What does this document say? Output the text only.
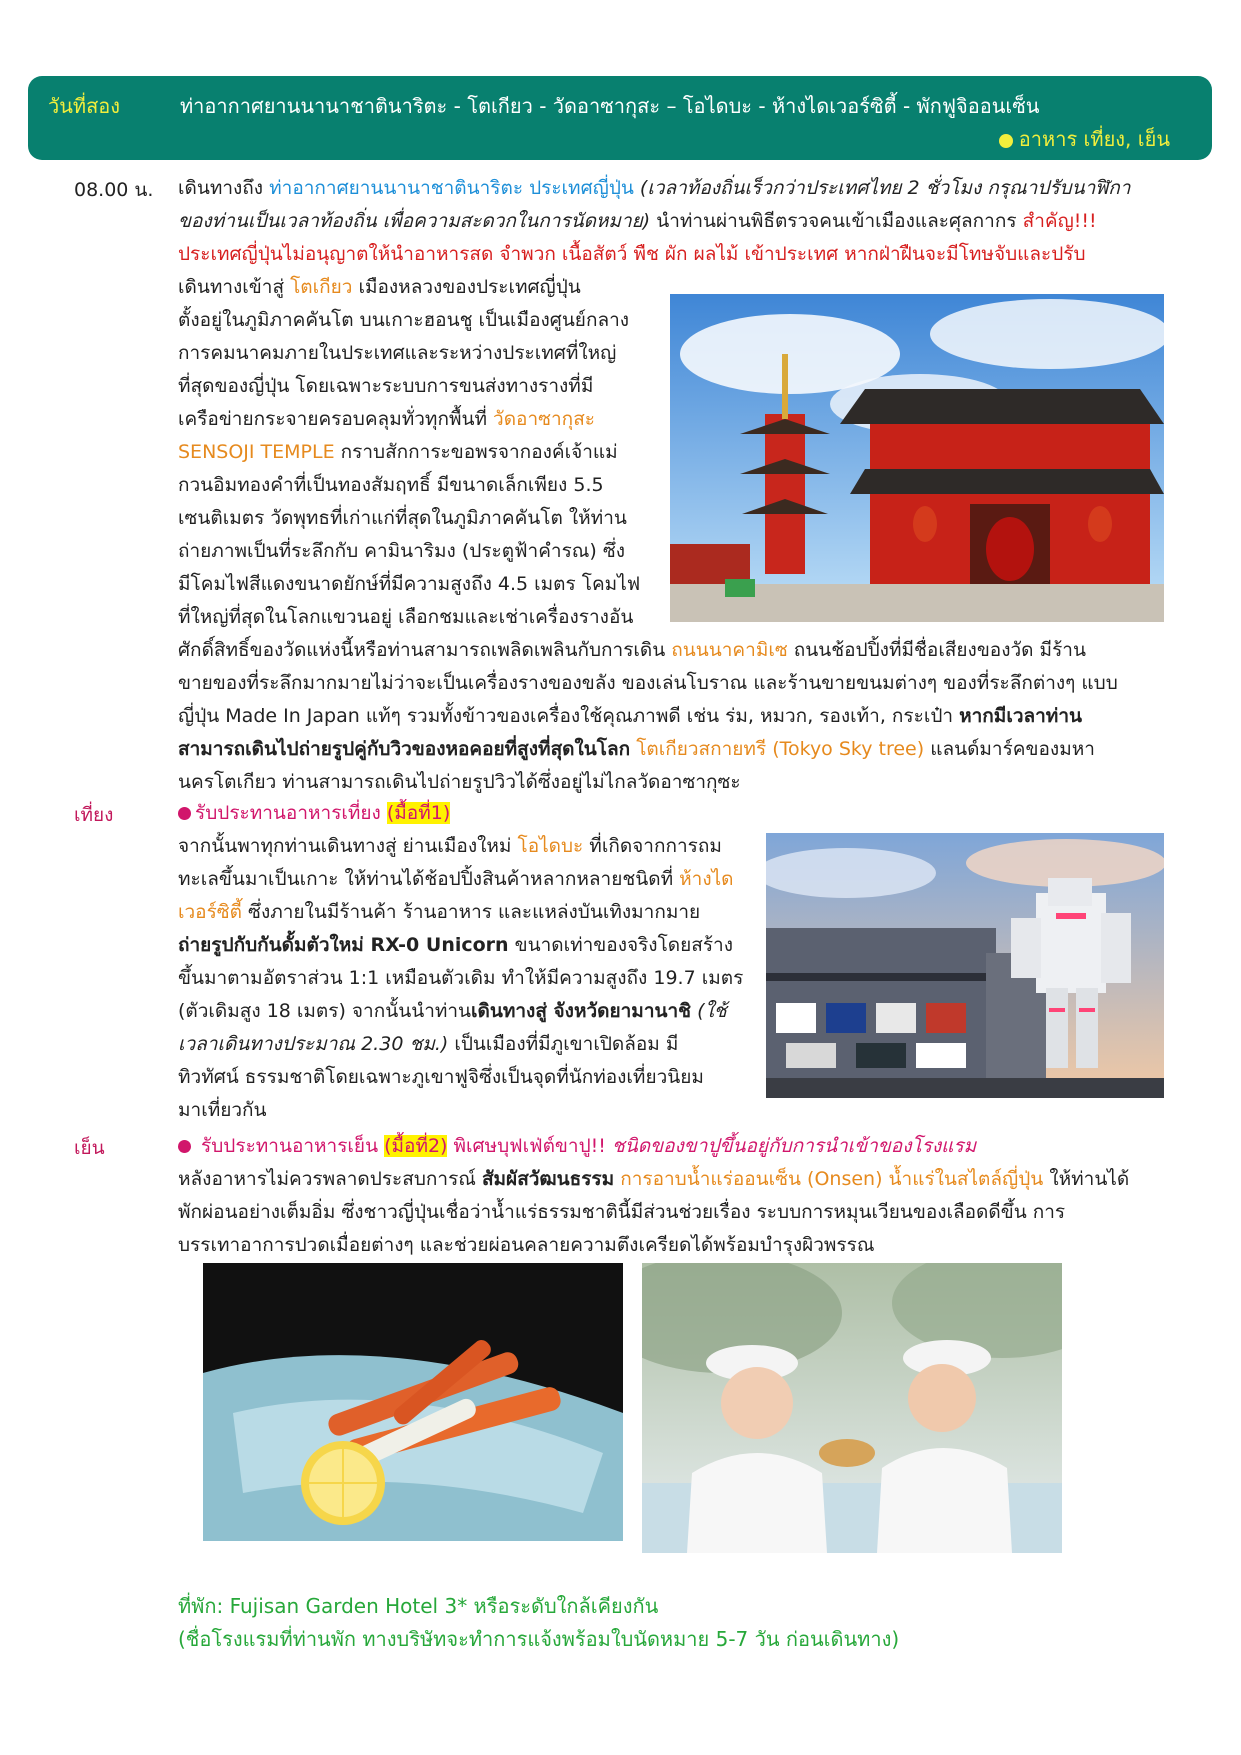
วันที่สอง	ท่าอากาศยานนานาชาตินาริตะ - โตเกียว - วัดอาซากุสะ – โอไดบะ - ห้างไดเวอร์ซิตี้ - พักฟูจิออนเซ็น
อาหาร เที่ยง, เย็น
08.00 น. เดินทางถึง ท่าอากาศยานนานาชาตินาริตะ ประเทศญี่ปุ่น (เวลาท้องถิ่นเร็วกว่าประเทศไทย 2 ชั่วโมง กรุณาปรับนาฬิกา
ของท่านเป็นเวลาท้องถิ่น เพื่อความสะดวกในการนัดหมาย) นำท่านผ่านพิธีตรวจคนเข้าเมืองและศุลกากร สำคัญ!!!
ประเทศญี่ปุ่นไม่อนุญาตให้นำอาหารสด จำพวก เนื้อสัตว์ พืช ผัก ผลไม้ เข้าประเทศ หากฝ่าฝืนจะมีโทษจับและปรับ
เดินทางเข้าสู่ โตเกียว เมืองหลวงของประเทศญี่ปุ่น
ตั้งอยู่ในภูมิภาคคันโต บนเกาะฮอนชู เป็นเมืองศูนย์กลาง
การคมนาคมภายในประเทศและระหว่างประเทศที่ใหญ่
ที่สุดของญี่ปุ่น โดยเฉพาะระบบการขนส่งทางรางที่มี
เครือข่ายกระจายครอบคลุมทั่วทุกพื้นที่ วัดอาซากุสะ
SENSOJI TEMPLE กราบสักการะขอพรจากองค์เจ้าแม่
กวนอิมทองคำที่เป็นทองสัมฤทธิ์ มีขนาดเล็กเพียง 5.5
เซนติเมตร วัดพุทธที่เก่าแก่ที่สุดในภูมิภาคคันโต ให้ท่าน
ถ่ายภาพเป็นที่ระลึกกับ คามินาริมง (ประตูฟ้าคำรณ) ซึ่ง
มีโคมไฟสีแดงขนาดยักษ์ที่มีความสูงถึง 4.5 เมตร โคมไฟ
ที่ใหญ่ที่สุดในโลกแขวนอยู่ เลือกชมและเช่าเครื่องรางอัน
ศักดิ์สิทธิ์ของวัดแห่งนี้หรือท่านสามารถเพลิดเพลินกับการเดิน ถนนนาคามิเซ ถนนช้อปปิ้งที่มีชื่อเสียงของวัด มีร้าน
ขายของที่ระลึกมากมายไม่ว่าจะเป็นเครื่องรางของขลัง ของเล่นโบราณ และร้านขายขนมต่างๆ ของที่ระลึกต่างๆ แบบ
ญี่ปุ่น Made In Japan แท้ๆ รวมทั้งข้าวของเครื่องใช้คุณภาพดี เช่น ร่ม, หมวก, รองเท้า, กระเป๋า หากมีเวลาท่าน
สามารถเดินไปถ่ายรูปคู่กับวิวของหอคอยที่สูงที่สุดในโลก โตเกียวสกายทรี (Tokyo Sky tree) แลนด์มาร์คของมหา
นครโตเกียว ท่านสามารถเดินไปถ่ายรูปวิวได้ซึ่งอยู่ไม่ไกลวัดอาซากุซะ
เที่ยง	รับประทานอาหารเที่ยง (มื้อที่1)
จากนั้นพาทุกท่านเดินทางสู่ ย่านเมืองใหม่ โอไดบะ ที่เกิดจากการถม
ทะเลขึ้นมาเป็นเกาะ ให้ท่านได้ช้อปปิ้งสินค้าหลากหลายชนิดที่ ห้างได
เวอร์ซิตี้ ซึ่งภายในมีร้านค้า ร้านอาหาร และแหล่งบันเทิงมากมาย
ถ่ายรูปกับกันดั้มตัวใหม่ RX-0 Unicorn ขนาดเท่าของจริงโดยสร้าง
ขึ้นมาตามอัตราส่วน 1:1 เหมือนตัวเดิม ทำให้มีความสูงถึง 19.7 เมตร
(ตัวเดิมสูง 18 เมตร) จากนั้นนำท่านเดินทางสู่ จังหวัดยามานาชิ (ใช้
เวลาเดินทางประมาณ 2.30 ชม.) เป็นเมืองที่มีภูเขาเปิดล้อม มี
ทิวทัศน์ ธรรมชาติโดยเฉพาะภูเขาฟูจิซึ่งเป็นจุดที่นักท่องเที่ยวนิยม
มาเที่ยวกัน
เย็น	รับประทานอาหารเย็น (มื้อที่2) พิเศษบุฟเฟ่ต์ขาปู!! ชนิดของขาปูขึ้นอยู่กับการนำเข้าของโรงแรม
หลังอาหารไม่ควรพลาดประสบการณ์ สัมผัสวัฒนธรรม การอาบน้ำแร่ออนเซ็น (Onsen) น้ำแร่ในสไตล์ญี่ปุ่น ให้ท่านได้
พักผ่อนอย่างเต็มอิ่ม ซึ่งชาวญี่ปุ่นเชื่อว่าน้ำแร่ธรรมชาตินี้มีส่วนช่วยเรื่อง ระบบการหมุนเวียนของเลือดดีขึ้น การ
บรรเทาอาการปวดเมื่อยต่างๆ และช่วยผ่อนคลายความตึงเครียดได้พร้อมบำรุงผิวพรรณ
ที่พัก: Fujisan Garden Hotel 3* หรือระดับใกล้เคียงกัน
(ชื่อโรงแรมที่ท่านพัก ทางบริษัทจะทำการแจ้งพร้อมใบนัดหมาย 5-7 วัน ก่อนเดินทาง)
